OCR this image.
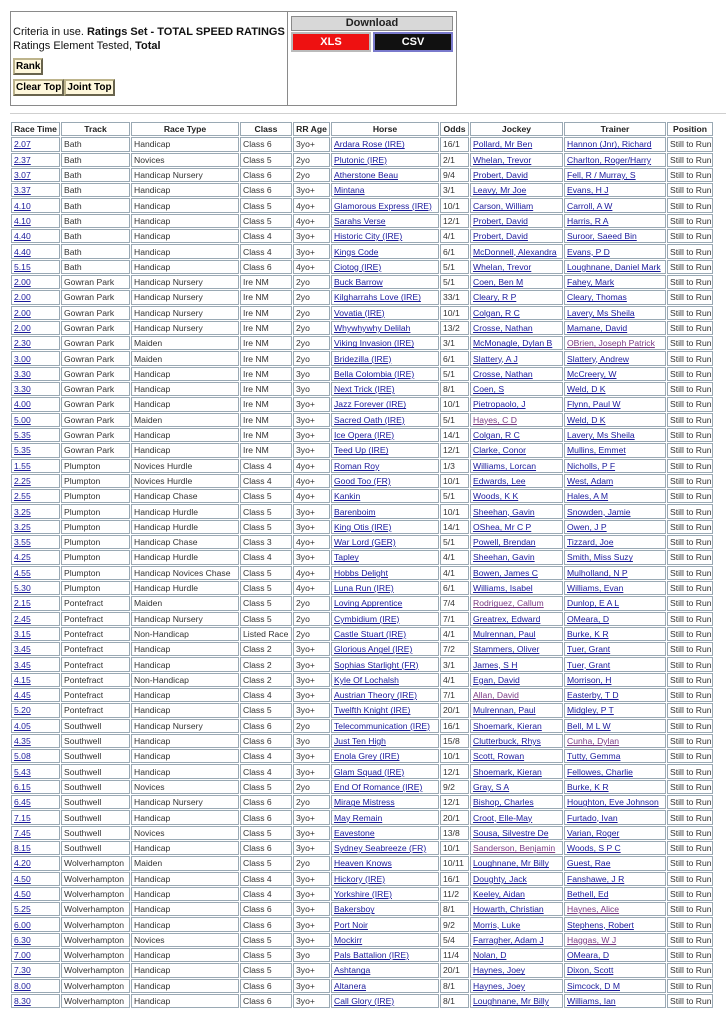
Criteria in use. Ratings Set - TOTAL SPEED RATINGS
Ratings Element Tested, Total
Rank
Clear Top Joint Top
Download
XLS	CSV
Race Time	Track	Race Type	Class	RR Age	Horse	Odds	Jockey	Trainer	Position
2.07	Bath	Handicap	Class 6	3yo+	Ardara Rose (IRE)	16/1	Pollard, Mr Ben	Hannon (Jnr), Richard	Still to Run
2.37	Bath	Novices	Class 5	2yo	Plutonic (IRE)	2/1	Whelan, Trevor	Charlton, Roger/Harry	Still to Run
3.07	Bath	Handicap Nursery	Class 6	2yo	Atherstone Beau	9/4	Probert, David	Fell, R / Murray, S	Still to Run
3.37	Bath	Handicap	Class 6	3yo+	Mintana	3/1	Leavy, Mr Joe	Evans, H J	Still to Run
4.10	Bath	Handicap	Class 5	4yo+	Glamorous Express (IRE)	10/1	Carson, William	Carroll, A W	Still to Run
4.10	Bath	Handicap	Class 5	4yo+	Sarahs Verse	12/1	Probert, David	Harris, R A	Still to Run
4.40	Bath	Handicap	Class 4	3yo+	Historic City (IRE)	4/1	Probert, David	Suroor, Saeed Bin	Still to Run
4.40	Bath	Handicap	Class 4	3yo+	Kings Code	6/1	McDonnell, Alexandra	Evans, P D	Still to Run
5.15	Bath	Handicap	Class 6	4yo+	Ciotog (IRE)	5/1	Whelan, Trevor	Loughnane, Daniel Mark	Still to Run
2.00	Gowran Park	Handicap Nursery	Ire NM	2yo	Buck Barrow	5/1	Coen, Ben M	Fahey, Mark	Still to Run
2.00	Gowran Park	Handicap Nursery	Ire NM	2yo	Kilgharrahs Love (IRE)	33/1	Cleary, R P	Cleary, Thomas	Still to Run
2.00	Gowran Park	Handicap Nursery	Ire NM	2yo	Vovatia (IRE)	10/1	Colgan, R C	Lavery, Ms Sheila	Still to Run
2.00	Gowran Park	Handicap Nursery	Ire NM	2yo	Whywhywhy Delilah	13/2	Crosse, Nathan	Mamane, David	Still to Run
2.30	Gowran Park	Maiden	Ire NM	2yo	Viking Invasion (IRE)	3/1	McMonagle, Dylan B	OBrien, Joseph Patrick	Still to Run
3.00	Gowran Park	Maiden	Ire NM	2yo	Bridezilla (IRE)	6/1	Slattery, A J	Slattery, Andrew	Still to Run
3.30	Gowran Park	Handicap	Ire NM	3yo	Bella Colombia (IRE)	5/1	Crosse, Nathan	McCreery, W	Still to Run
3.30	Gowran Park	Handicap	Ire NM	3yo	Next Trick (IRE)	8/1	Coen, S	Weld, D K	Still to Run
4.00	Gowran Park	Handicap	Ire NM	3yo+	Jazz Forever (IRE)	10/1	Pietropaolo, J	Flynn, Paul W	Still to Run
5.00	Gowran Park	Maiden	Ire NM	3yo+	Sacred Oath (IRE)	5/1	Hayes, C D	Weld, D K	Still to Run
5.35	Gowran Park	Handicap	Ire NM	3yo+	Ice Opera (IRE)	14/1	Colgan, R C	Lavery, Ms Sheila	Still to Run
5.35	Gowran Park	Handicap	Ire NM	3yo+	Teed Up (IRE)	12/1	Clarke, Conor	Mullins, Emmet	Still to Run
1.55	Plumpton	Novices Hurdle	Class 4	4yo+	Roman Roy	1/3	Williams, Lorcan	Nicholls, P F	Still to Run
2.25	Plumpton	Novices Hurdle	Class 4	4yo+	Good Too (FR)	10/1	Edwards, Lee	West, Adam	Still to Run
2.55	Plumpton	Handicap Chase	Class 5	4yo+	Kankin	5/1	Woods, K K	Hales, A M	Still to Run
3.25	Plumpton	Handicap Hurdle	Class 5	3yo+	Barenboim	10/1	Sheehan, Gavin	Snowden, Jamie	Still to Run
3.25	Plumpton	Handicap Hurdle	Class 5	3yo+	King Otis (IRE)	14/1	OShea, Mr C P	Owen, J P	Still to Run
3.55	Plumpton	Handicap Chase	Class 3	4yo+	War Lord (GER)	5/1	Powell, Brendan	Tizzard, Joe	Still to Run
4.25	Plumpton	Handicap Hurdle	Class 4	3yo+	Tapley	4/1	Sheehan, Gavin	Smith, Miss Suzy	Still to Run
4.55	Plumpton	Handicap Novices Chase	Class 5	4yo+	Hobbs Delight	4/1	Bowen, James C	Mulholland, N P	Still to Run
5.30	Plumpton	Handicap Hurdle	Class 5	4yo+	Luna Run (IRE)	6/1	Williams, Isabel	Williams, Evan	Still to Run
2.15	Pontefract	Maiden	Class 5	2yo	Loving Apprentice	7/4	Rodriguez, Callum	Dunlop, E A L	Still to Run
2.45	Pontefract	Handicap Nursery	Class 5	2yo	Cymbidium (IRE)	7/1	Greatrex, Edward	OMeara, D	Still to Run
3.15	Pontefract	Non-Handicap	Listed Race	2yo	Castle Stuart (IRE)	4/1	Mulrennan, Paul	Burke, K R	Still to Run
3.45	Pontefract	Handicap	Class 2	3yo+	Glorious Angel (IRE)	7/2	Stammers, Oliver	Tuer, Grant	Still to Run
3.45	Pontefract	Handicap	Class 2	3yo+	Sophias Starlight (FR)	3/1	James, S H	Tuer, Grant	Still to Run
4.15	Pontefract	Non-Handicap	Class 2	3yo+	Kyle Of Lochalsh	4/1	Egan, David	Morrison, H	Still to Run
4.45	Pontefract	Handicap	Class 4	3yo+	Austrian Theory (IRE)	7/1	Allan, David	Easterby, T D	Still to Run
5.20	Pontefract	Handicap	Class 5	3yo+	Twelfth Knight (IRE)	20/1	Mulrennan, Paul	Midgley, P T	Still to Run
4.05	Southwell	Handicap Nursery	Class 6	2yo	Telecommunication (IRE)	16/1	Shoemark, Kieran	Bell, M L W	Still to Run
4.35	Southwell	Handicap	Class 6	3yo	Just Ten High	15/8	Clutterbuck, Rhys	Cunha, Dylan	Still to Run
5.08	Southwell	Handicap	Class 4	3yo+	Enola Grey (IRE)	10/1	Scott, Rowan	Tutty, Gemma	Still to Run
5.43	Southwell	Handicap	Class 4	3yo+	Glam Squad (IRE)	12/1	Shoemark, Kieran	Fellowes, Charlie	Still to Run
6.15	Southwell	Novices	Class 5	2yo	End Of Romance (IRE)	9/2	Gray, S A	Burke, K R	Still to Run
6.45	Southwell	Handicap Nursery	Class 6	2yo	Mirage Mistress	12/1	Bishop, Charles	Houghton, Eve Johnson	Still to Run
7.15	Southwell	Handicap	Class 6	3yo+	May Remain	20/1	Croot, Elle-May	Furtado, Ivan	Still to Run
7.45	Southwell	Novices	Class 5	3yo+	Eavestone	13/8	Sousa, Silvestre De	Varian, Roger	Still to Run
8.15	Southwell	Handicap	Class 6	3yo+	Sydney Seabreeze (FR)	10/1	Sanderson, Benjamin	Woods, S P C	Still to Run
4.20	Wolverhampton	Maiden	Class 5	2yo	Heaven Knows	10/11	Loughnane, Mr Billy	Guest, Rae	Still to Run
4.50	Wolverhampton	Handicap	Class 4	3yo+	Hickory (IRE)	16/1	Doughty, Jack	Fanshawe, J R	Still to Run
4.50	Wolverhampton	Handicap	Class 4	3yo+	Yorkshire (IRE)	11/2	Keeley, Aidan	Bethell, Ed	Still to Run
5.25	Wolverhampton	Handicap	Class 6	3yo+	Bakersboy	8/1	Howarth, Christian	Haynes, Alice	Still to Run
6.00	Wolverhampton	Handicap	Class 6	3yo+	Port Noir	9/2	Morris, Luke	Stephens, Robert	Still to Run
6.30	Wolverhampton	Novices	Class 5	3yo+	Mockirr	5/4	Farragher, Adam J	Haggas, W J	Still to Run
7.00	Wolverhampton	Handicap	Class 5	3yo	Pals Battalion (IRE)	11/4	Nolan, D	OMeara, D	Still to Run
7.30	Wolverhampton	Handicap	Class 5	3yo+	Ashtanga	20/1	Haynes, Joey	Dixon, Scott	Still to Run
8.00	Wolverhampton	Handicap	Class 6	3yo+	Altanera	8/1	Haynes, Joey	Simcock, D M	Still to Run
8.30	Wolverhampton	Handicap	Class 6	3yo+	Call Glory (IRE)	8/1	Loughnane, Mr Billy	Williams, Ian	Still to Run
